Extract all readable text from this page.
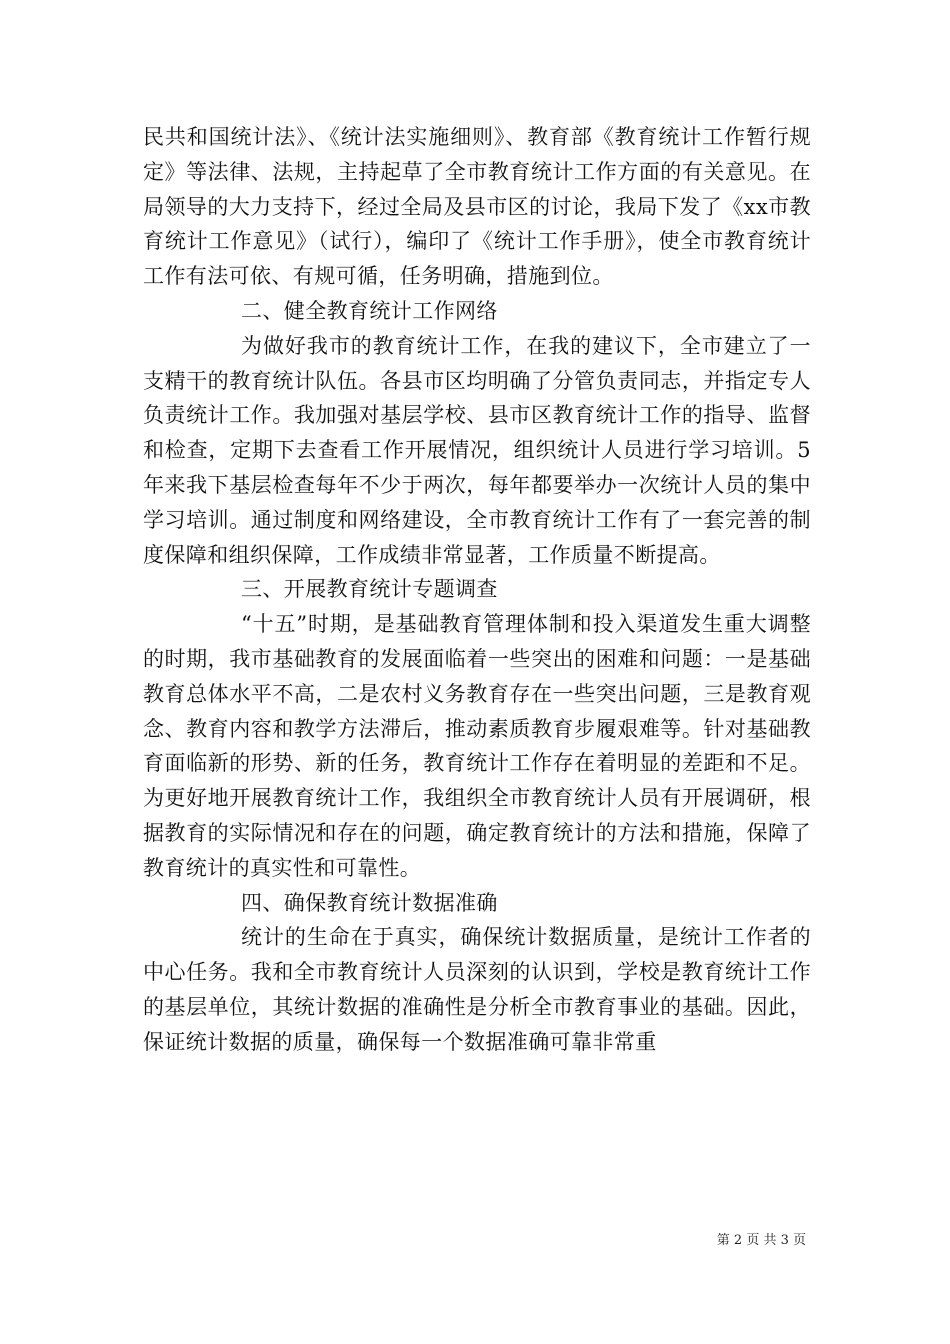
民共和国统计法》、《统计法实施细则》、教育部《教育统计工作暂行规定》等法律、法规，主持起草了全市教育统计工作方面的有关意见。在局领导的大力支持下，经过全局及县市区的讨论，我局下发了《xx市教育统计工作意见》（试行），编印了《统计工作手册》，使全市教育统计工作有法可依、有规可循，任务明确，措施到位。

二、健全教育统计工作网络

为做好我市的教育统计工作，在我的建议下，全市建立了一支精干的教育统计队伍。各县市区均明确了分管负责同志，并指定专人负责统计工作。我加强对基层学校、县市区教育统计工作的指导、监督和检查，定期下去查看工作开展情况，组织统计人员进行学习培训。5年来我下基层检查每年不少于两次，每年都要举办一次统计人员的集中学习培训。通过制度和网络建设，全市教育统计工作有了一套完善的制度保障和组织保障，工作成绩非常显著，工作质量不断提高。

三、开展教育统计专题调查

“十五”时期，是基础教育管理体制和投入渠道发生重大调整的时期，我市基础教育的发展面临着一些突出的困难和问题：一是基础教育总体水平不高，二是农村义务教育存在一些突出问题，三是教育观念、教育内容和教学方法滞后，推动素质教育步履艰难等。针对基础教育面临新的形势、新的任务，教育统计工作存在着明显的差距和不足。为更好地开展教育统计工作，我组织全市教育统计人员有开展调研，根据教育的实际情况和存在的问题，确定教育统计的方法和措施，保障了教育统计的真实性和可靠性。

四、确保教育统计数据准确

统计的生命在于真实，确保统计数据质量，是统计工作者的中心任务。我和全市教育统计人员深刻的认识到，学校是教育统计工作的基层单位，其统计数据的准确性是分析全市教育事业的基础。因此，保证统计数据的质量，确保每一个数据准确可靠非常重

第 2 页 共 3 页
